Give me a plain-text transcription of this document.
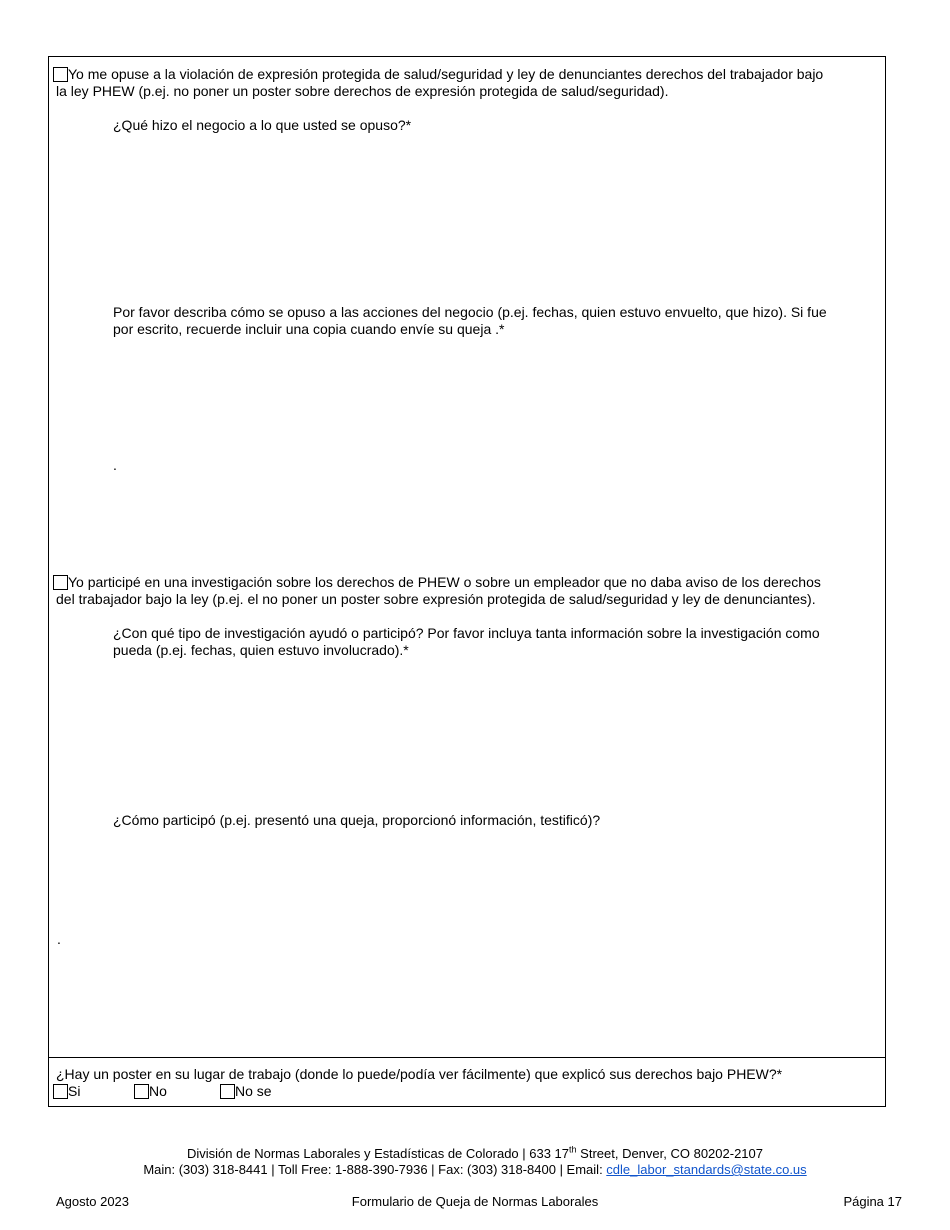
Yo me opuse a la violación de expresión protegida de salud/seguridad y ley de denunciantes derechos del trabajador bajo
la ley PHEW (p.ej. no poner un poster sobre derechos de expresión protegida de salud/seguridad).
¿Qué hizo el negocio a lo que usted se opuso?*
Por favor describa cómo se opuso a las acciones del negocio (p.ej. fechas, quien estuvo envuelto, que hizo). Si fue
por escrito, recuerde incluir una copia cuando envíe su queja .*
.
Yo participé en una investigación sobre los derechos de PHEW o sobre un empleador que no daba aviso de los derechos
del trabajador bajo la ley (p.ej. el no poner un poster sobre expresión protegida de salud/seguridad y ley de denunciantes).
¿Con qué tipo de investigación ayudó o participó? Por favor incluya tanta información sobre la investigación como
pueda (p.ej. fechas, quien estuvo involucrado).*
¿Cómo participó (p.ej. presentó una queja, proporcionó información, testificó)?
.
¿Hay un poster en su lugar de trabajo (donde lo puede/podía ver fácilmente) que explicó sus derechos bajo PHEW?*
Si	No	No se
División de Normas Laborales y Estadísticas de Colorado | 633 17th Street, Denver, CO 80202-2107
Main: (303) 318-8441 | Toll Free: 1-888-390-7936 | Fax: (303) 318-8400 | Email: cdle_labor_standards@state.co.us
Agosto 2023	Formulario de Queja de Normas Laborales	Página 17
